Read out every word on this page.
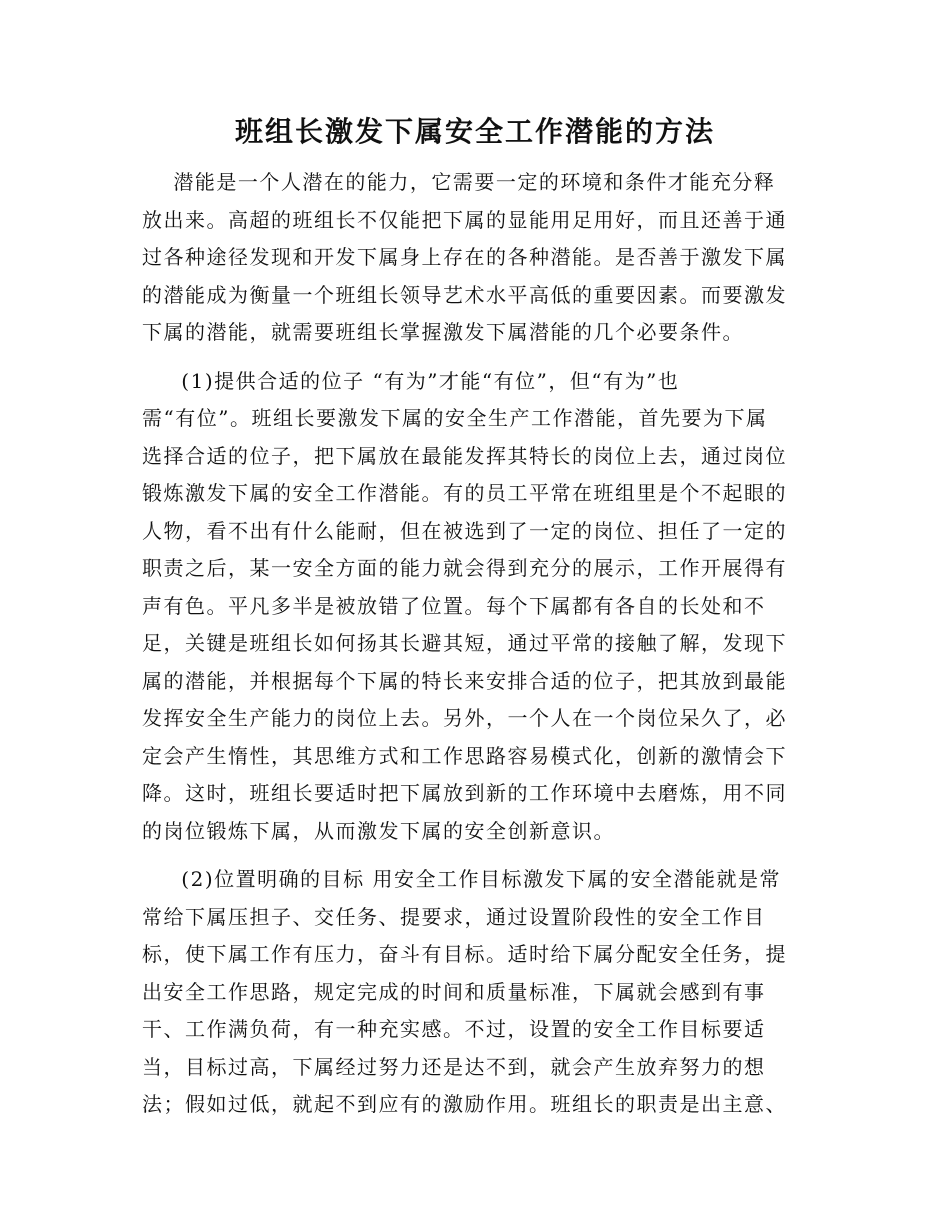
班组长激发下属安全工作潜能的方法
潜能是一个人潜在的能力，它需要一定的环境和条件才能充分释
放出来。高超的班组长不仅能把下属的显能用足用好，而且还善于通
过各种途径发现和开发下属身上存在的各种潜能。是否善于激发下属
的潜能成为衡量一个班组长领导艺术水平高低的重要因素。而要激发
下属的潜能，就需要班组长掌握激发下属潜能的几个必要条件。
(1)提供合适的位子 “有为”才能“有位”，但“有为”也
需“有位”。班组长要激发下属的安全生产工作潜能，首先要为下属
选择合适的位子，把下属放在最能发挥其特长的岗位上去，通过岗位
锻炼激发下属的安全工作潜能。有的员工平常在班组里是个不起眼的
人物，看不出有什么能耐，但在被选到了一定的岗位、担任了一定的
职责之后，某一安全方面的能力就会得到充分的展示，工作开展得有
声有色。平凡多半是被放错了位置。每个下属都有各自的长处和不
足，关键是班组长如何扬其长避其短，通过平常的接触了解，发现下
属的潜能，并根据每个下属的特长来安排合适的位子，把其放到最能
发挥安全生产能力的岗位上去。另外，一个人在一个岗位呆久了，必
定会产生惰性，其思维方式和工作思路容易模式化，创新的激情会下
降。这时，班组长要适时把下属放到新的工作环境中去磨炼，用不同
的岗位锻炼下属，从而激发下属的安全创新意识。
(2)位置明确的目标 用安全工作目标激发下属的安全潜能就是常
常给下属压担子、交任务、提要求，通过设置阶段性的安全工作目
标，使下属工作有压力，奋斗有目标。适时给下属分配安全任务，提
出安全工作思路，规定完成的时间和质量标准，下属就会感到有事
干、工作满负荷，有一种充实感。不过，设置的安全工作目标要适
当，目标过高，下属经过努力还是达不到，就会产生放弃努力的想
法；假如过低，就起不到应有的激励作用。班组长的职责是出主意、
